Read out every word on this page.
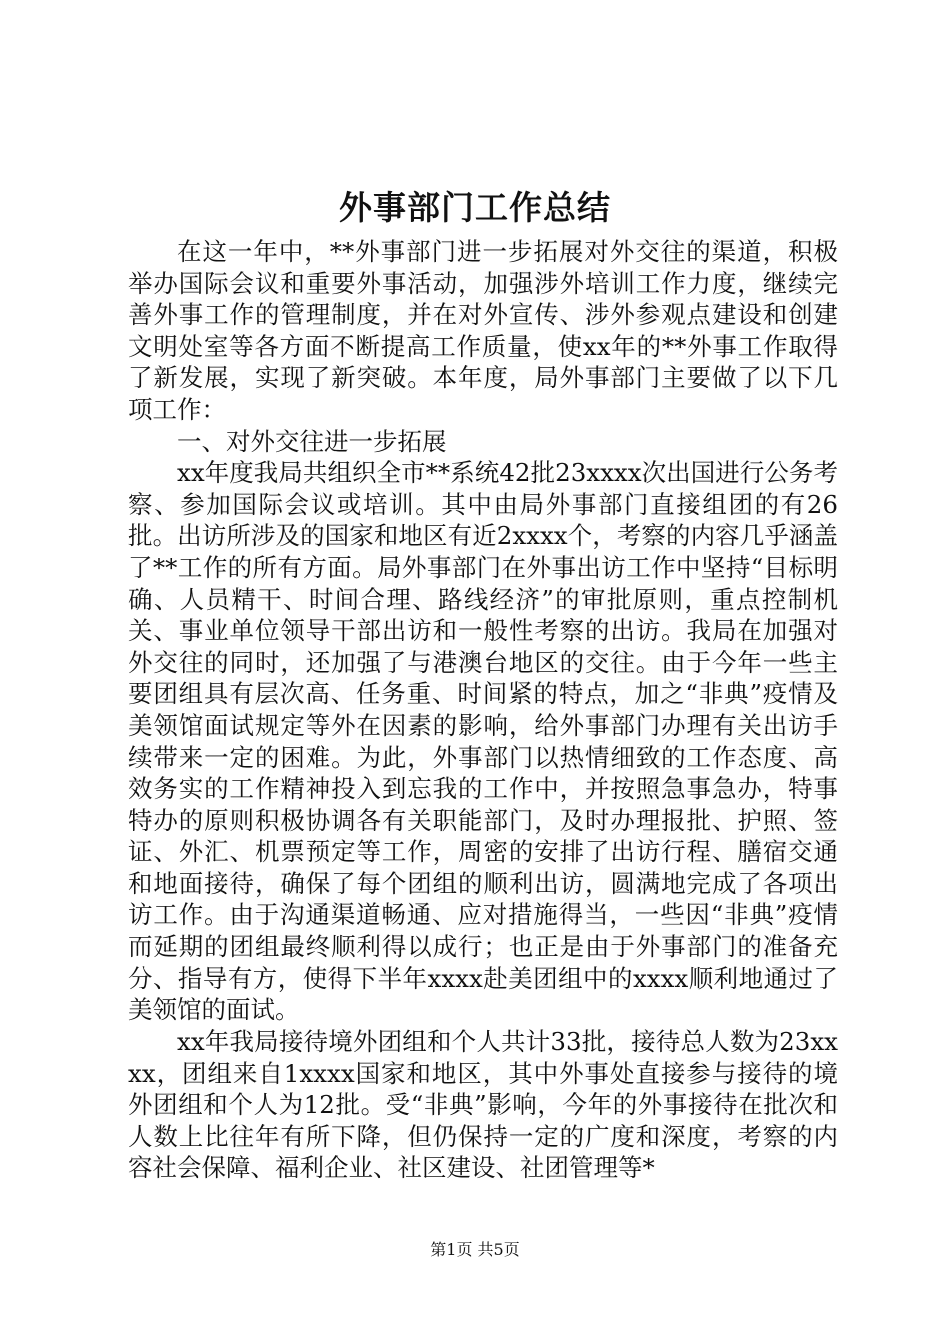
外事部门工作总结

在这一年中，**外事部门进一步拓展对外交往的渠道，积极举办国际会议和重要外事活动，加强涉外培训工作力度，继续完善外事工作的管理制度，并在对外宣传、涉外参观点建设和创建文明处室等各方面不断提高工作质量，使xx年的**外事工作取得了新发展，实现了新突破。本年度，局外事部门主要做了以下几项工作：

一、对外交往进一步拓展

xx年度我局共组织全市**系统42批23xxxx次出国进行公务考察、参加国际会议或培训。其中由局外事部门直接组团的有26批。出访所涉及的国家和地区有近2xxxx个，考察的内容几乎涵盖了**工作的所有方面。局外事部门在外事出访工作中坚持“目标明确、人员精干、时间合理、路线经济”的审批原则，重点控制机关、事业单位领导干部出访和一般性考察的出访。我局在加强对外交往的同时，还加强了与港澳台地区的交往。由于今年一些主要团组具有层次高、任务重、时间紧的特点，加之“非典”疫情及美领馆面试规定等外在因素的影响，给外事部门办理有关出访手续带来一定的困难。为此，外事部门以热情细致的工作态度、高效务实的工作精神投入到忘我的工作中，并按照急事急办，特事特办的原则积极协调各有关职能部门，及时办理报批、护照、签证、外汇、机票预定等工作，周密的安排了出访行程、膳宿交通和地面接待，确保了每个团组的顺利出访，圆满地完成了各项出访工作。由于沟通渠道畅通、应对措施得当，一些因“非典”疫情而延期的团组最终顺利得以成行；也正是由于外事部门的准备充分、指导有方，使得下半年xxxx赴美团组中的xxxx顺利地通过了美领馆的面试。

xx年我局接待境外团组和个人共计33批，接待总人数为23xxxx，团组来自1xxxx国家和地区，其中外事处直接参与接待的境外团组和个人为12批。受“非典”影响，今年的外事接待在批次和人数上比往年有所下降，但仍保持一定的广度和深度，考察的内容社会保障、福利企业、社区建设、社团管理等*

第1页 共5页
